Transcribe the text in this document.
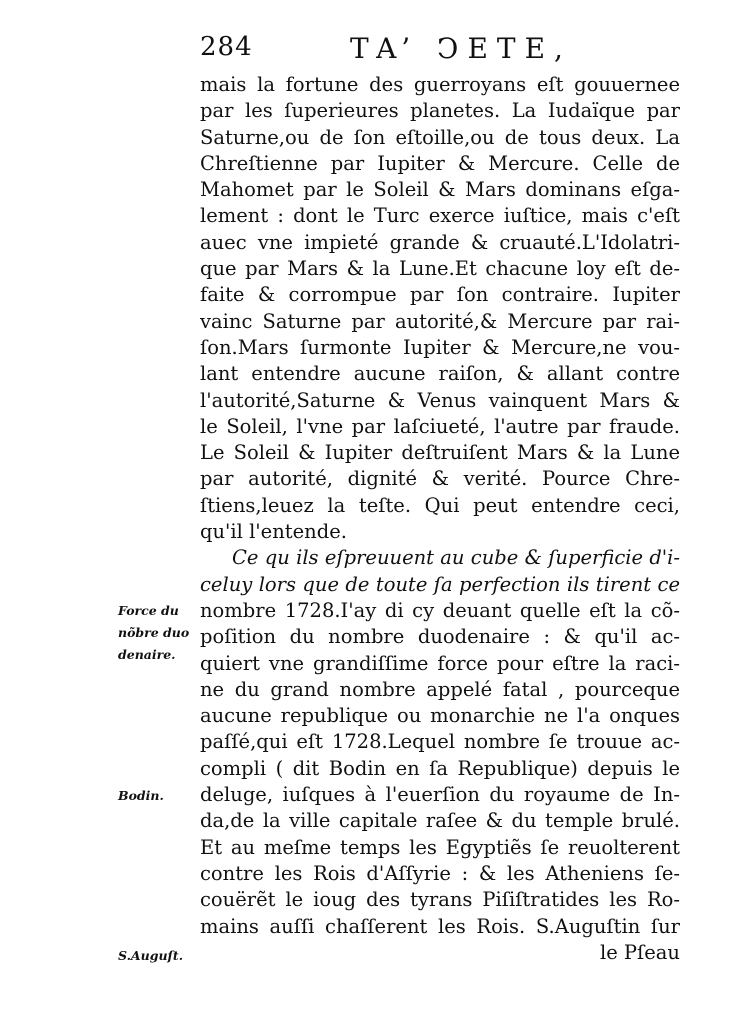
284	TA’ ϽETE,
mais la fortune des guerroyans eſt gouuernee
par les ſuperieures planetes. La Iudaïque par
Saturne,ou de ſon eſtoille,ou de tous deux. La
Chreſtienne par Iupiter & Mercure. Celle de
Mahomet par le Soleil & Mars dominans eſga-
lement : dont le Turc exerce iuſtice, mais c'eſt
auec vne impieté grande & cruauté.L'Idolatri-
que par Mars & la Lune.Et chacune loy eſt de-
faite & corrompue par ſon contraire. Iupiter
vainc Saturne par autorité,& Mercure par rai-
ſon.Mars ſurmonte Iupiter & Mercure,ne vou-
lant entendre aucune raiſon, & allant contre
l'autorité,Saturne & Venus vainquent Mars &
le Soleil, l'vne par laſciueté, l'autre par fraude.
Le Soleil & Iupiter deſtruiſent Mars & la Lune
par autorité, dignité & verité. Pource Chre-
ſtiens,leuez la teſte. Qui peut entendre ceci,
qu'il l'entende.
Ce qu ils eſpreuuent au cube & ſuperficie d'i-
celuy lors que de toute ſa perfection ils tirent ce
nombre 1728.I'ay di cy deuant quelle eſt la cõ-
poſition du nombre duodenaire : & qu'il ac-
quiert vne grandiſſime force pour eſtre la raci-
ne du grand nombre appelé fatal , pourceque
aucune republique ou monarchie ne l'a onques
paſſé,qui eſt 1728.Lequel nombre ſe trouue ac-
compli ( dit Bodin en ſa Republique) depuis le
deluge, iuſques à l'euerſion du royaume de In-
da,de la ville capitale raſee & du temple brulé.
Et au meſme temps les Egyptiẽs ſe reuolterent
contre les Rois d'Aſſyrie : & les Atheniens ſe-
couërẽt le ioug des tyrans Piſiſtratides les Ro-
mains auſſi chaſſerent les Rois. S.Auguſtin ſur
le Pſeau
Force du
nõbre duo
denaire.
Bodin.
S.Auguſt.
